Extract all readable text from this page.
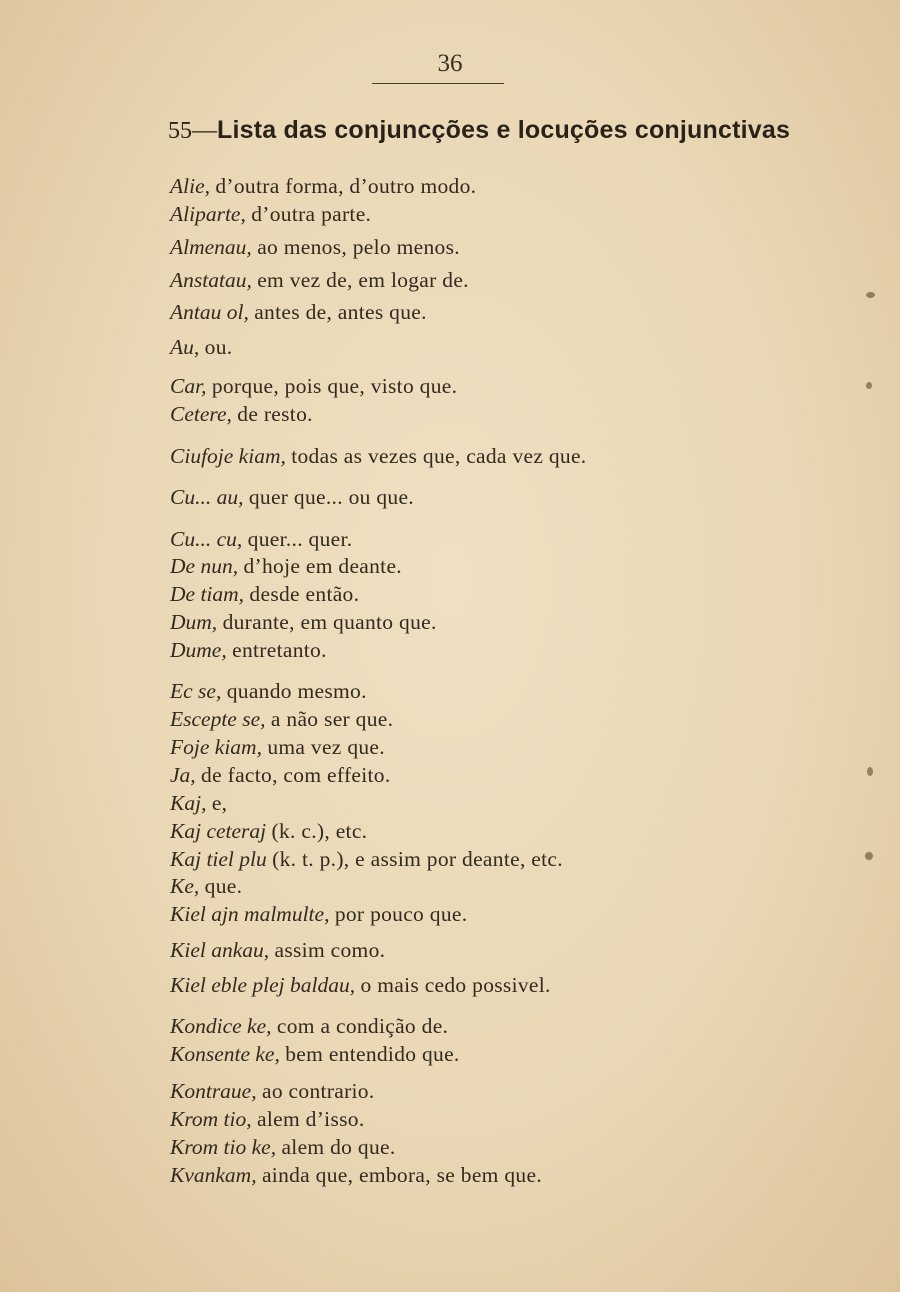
36
55—Lista das conjuncções e locuções conjunctivas
Alie, d’outra forma, d’outro modo.
Aliparte, d’outra parte.
Almenau, ao menos, pelo menos.
Anstatau, em vez de, em logar de.
Antau ol, antes de, antes que.
Au, ou.
Car, porque, pois que, visto que.
Cetere, de resto.
Ciufoje kiam, todas as vezes que, cada vez que.
Cu... au, quer que... ou que.
Cu... cu, quer... quer.
De nun, d’hoje em deante.
De tiam, desde então.
Dum, durante, em quanto que.
Dume, entretanto.
Ec se, quando mesmo.
Escepte se, a não ser que.
Foje kiam, uma vez que.
Ja, de facto, com effeito.
Kaj, e,
Kaj ceteraj (k. c.), etc.
Kaj tiel plu (k. t. p.), e assim por deante, etc.
Ke, que.
Kiel ajn malmulte, por pouco que.
Kiel ankau, assim como.
Kiel eble plej baldau, o mais cedo possivel.
Kondice ke, com a condição de.
Konsente ke, bem entendido que.
Kontraue, ao contrario.
Krom tio, alem d’isso.
Krom tio ke, alem do que.
Kvankam, ainda que, embora, se bem que.
